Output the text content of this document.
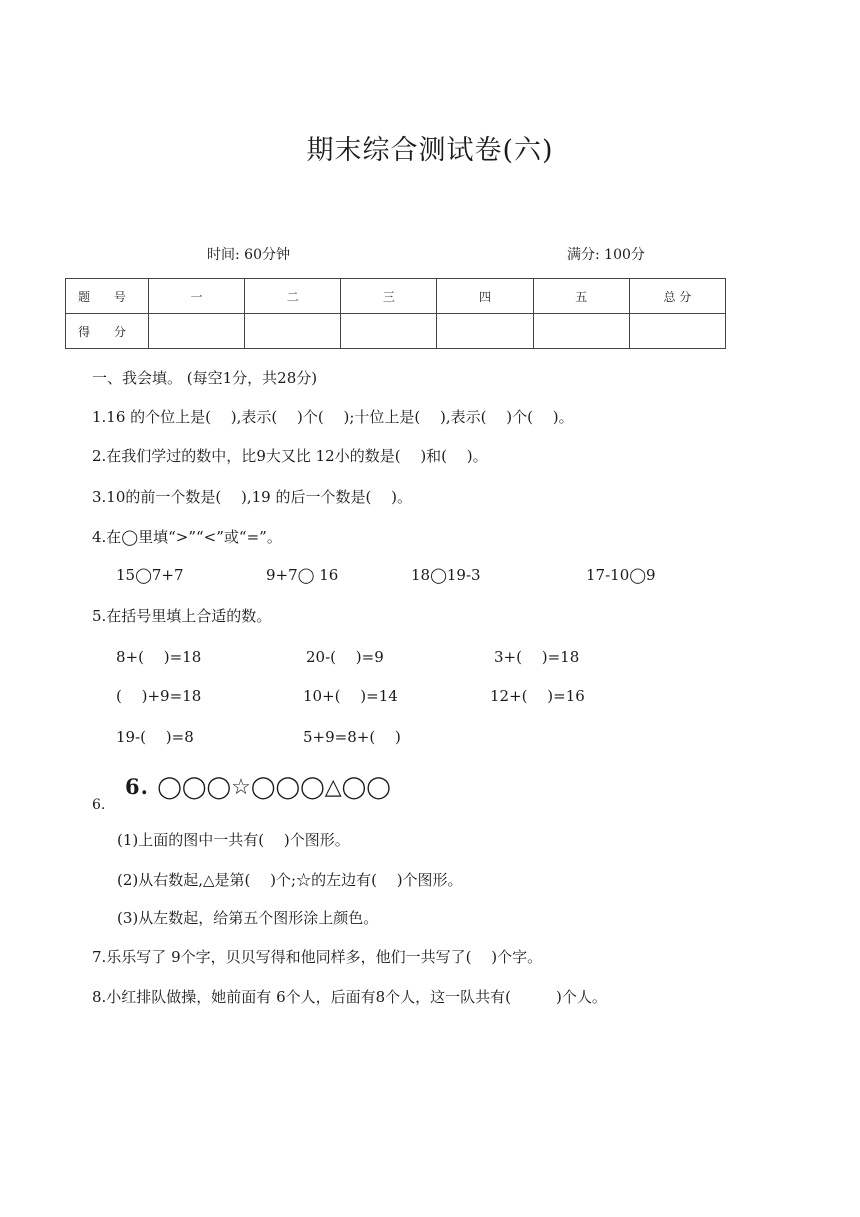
期末综合测试卷(六)
时间: 60分钟	满分: 100分
题 号	一	二	三	四	五	总 分
得 分						
一、我会填。 (每空1分，共28分)
1.16 的个位上是(　 ),表示(　 )个(　 );十位上是(　 ),表示(　 )个(　 )。
2.在我们学过的数中，比9大又比 12小的数是(　 )和(　 )。
3.10的前一个数是(　 ),19 的后一个数是(　 )。
4.在◯里填“>”“<”或“=”。
15◯7+7	9+7◯ 16	18◯19-3	17-10◯9
5.在括号里填上合适的数。
8+(　 )=18	20-(　 )=9	3+(　 )=18
(　 )+9=18	10+(　 )=14	12+(　 )=16
19-(　 )=8	5+9=8+(　 )
6. ◯◯◯☆◯◯◯△◯◯
6.
(1)上面的图中一共有(　 )个图形。
(2)从右数起,△是第(　 )个;☆的左边有(　 )个图形。
(3)从左数起，给第五个图形涂上颜色。
7.乐乐写了 9个字，贝贝写得和他同样多，他们一共写了(　 )个字。
8.小红排队做操，她前面有 6个人，后面有8个人，这一队共有(　　　)个人。
